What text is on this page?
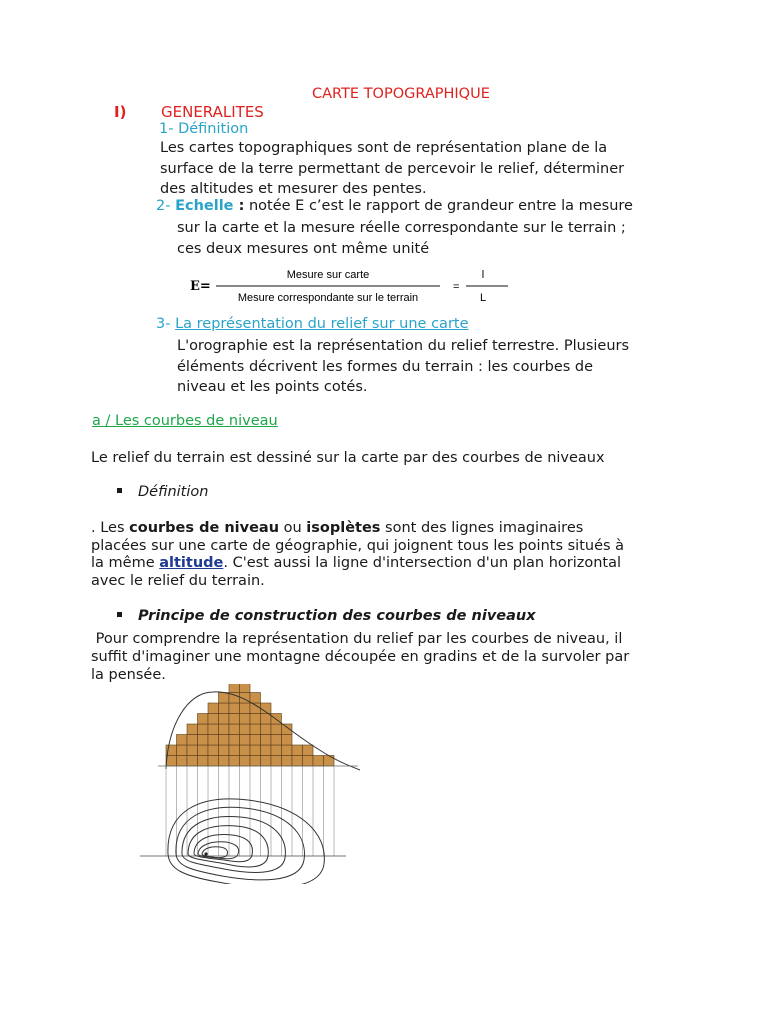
CARTE TOPOGRAPHIQUE
I) GENERALITES
1- Définition
Les cartes topographiques sont de représentation plane de la
surface de la terre permettant de percevoir le relief, déterminer
des altitudes et mesurer des pentes.
2- Echelle : notée E c’est le rapport de grandeur entre la mesure
sur la carte et la mesure réelle correspondante sur le terrain ;
ces deux mesures ont même unité
E=
Mesure sur carte
Mesure correspondante sur le terrain
=
l
L
3- La représentation du relief sur une carte
L'orographie est la représentation du relief terrestre. Plusieurs
éléments décrivent les formes du terrain : les courbes de
niveau et les points cotés.
a / Les courbes de niveau
Le relief du terrain est dessiné sur la carte par des courbes de niveaux
Définition
. Les courbes de niveau ou isoplètes sont des lignes imaginaires
placées sur une carte de géographie, qui joignent tous les points situés à
la même altitude. C'est aussi la ligne d'intersection d'un plan horizontal
avec le relief du terrain.
Principe de construction des courbes de niveaux
Pour comprendre la représentation du relief par les courbes de niveau, il
suffit d'imaginer une montagne découpée en gradins et de la survoler par
la pensée.
